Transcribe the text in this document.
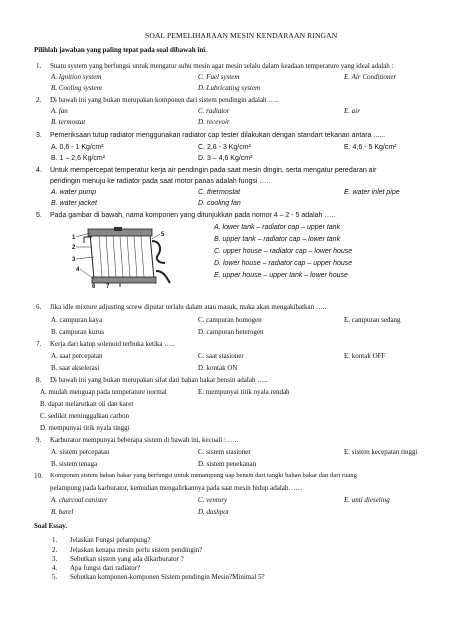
SOAL PEMELIHARAAN MESIN KENDARAAN RINGAN
Pilihlah jawaban yang paling tepat pada soal dibawah ini.
1. Suatu system yang berfungsi untuk mengatur suhu mesin agar mesin selalu dalam keadaan temperature yang ideal adalah :
A. Ignition system	C. Fuel system	E. Air Conditioner
B. Cooling system	D. Lubricating system
2. Di bawah ini yang bukan merupakan komponen dari sistem pendingin adalah …..
A. fan	C. radiator	E. air
B. termostat	D. recevoir
3. Pemeriksaan tutup radiator menggunakan radiator cap tester dilakukan dengan standart tekanan antara ......
A. 0,6 - 1 Kg/cm²	C. 2,6 - 3 Kg/cm²	E. 4,6 - 5 Kg/cm²
B. 1 – 2,6 Kg/cm²	D. 3 – 4,6 Kg/cm²
4. Untuk mempercepat temperatur kerja air pendingin pada saat mesin dingin, serta mengatur peredaran air
pendingin menuju ke radiator pada saat motor panas adalah fungsi …..
A. water pump	C. thermostat	E. water inlet pipe
B. water jacket	D. cooling fan
5. Pada gambar di bawah, nama komponen yang ditunjukkan pada nomor 4 – 2 - 5 adalah …..
A. lower tank – radiator cap – upper tank
B. upper tank – radiator cap – lower tank
C. upper house – radiator cap – lower house
D. lower house – radiator cap – upper house
E. upper house – upper tank – lower house
1
2
3
4
5
6 7
6. Jika idle mixture adjusting screw diputar terlalu dalam atau masuk, maka akan mengakibatkan …..
A. campuran kaya	C. campuran homogen	E. campuran sedang
B. campuran kurus	D. campuran heterogen
7. Kerja dari katup solenoid terbuka ketika …..
A. saat percepatan	C. saat stasioner	E. kontak OFF
B. saat akselerasi	D. kontak ON
8. Di bawah ini yang bukan merupakan sifat dari bahan bakar bensin adalah …..
A. mudah menguap pada temperature normal	E. mempunyai titik nyala rendah
B. dapat melarutkan oli dan karet
C. sedikit meninggalkan carbon
D. mempunyai titik nyala tinggi
9. Karburator mempunyai beberapa sistem di bawah ini, kecuali : …..
A. sistem percepatan	C. sistem stasioner	E. sistem kecepatan tinggi
B. sistem tenaga	D. sistem penekanan
10. Komponen sistem bahan bakar yang berfungsi untuk menampung uap bensin dari tangki bahan bakar dan dari ruang
pelampung pada karburator, kemudian mengalirkannya pada saat mesin hidup adalah……
A. charcoal canister	C. ventury	E. anti dieseling
B. barel	D. dashpot
Soal Essay.
1. Jelaskan Fungsi pelampung?
2. Jelaskan kenapa mesin perlu sistem pendingin?
3. Sebutkan sistem yang ada dikarburator ?
4. Apa fungsi dari radiator?
5. Sebutkan komponen-komponen Sistem pendingin Mesin?Minimal 5?
